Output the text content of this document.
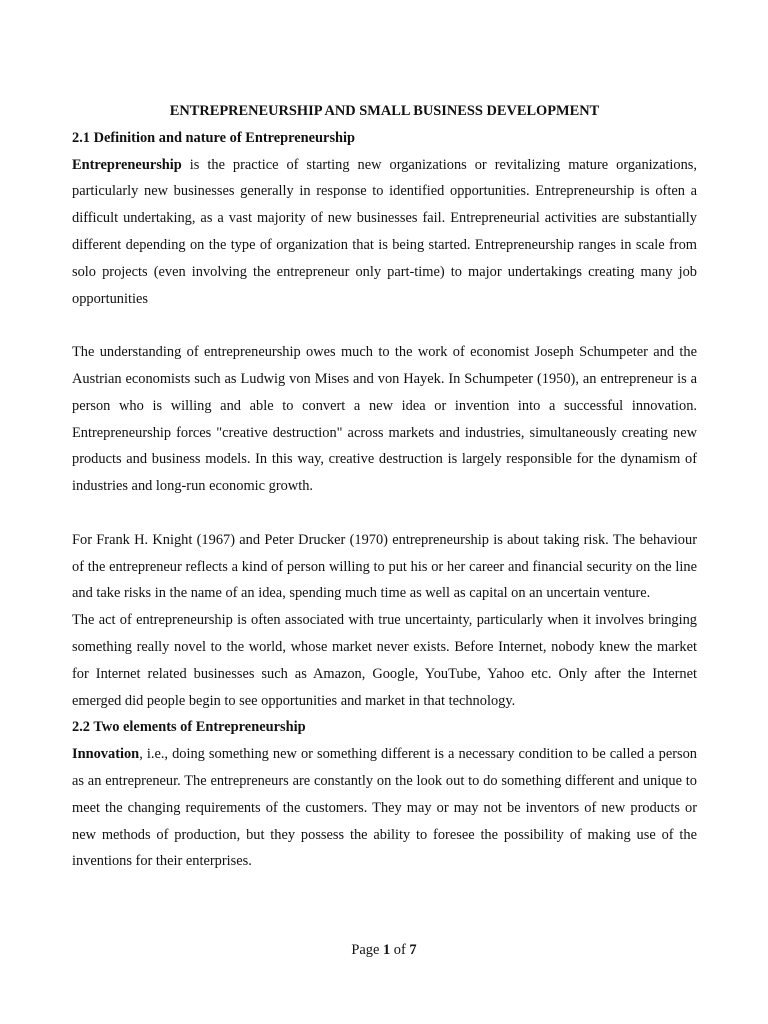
ENTREPRENEURSHIP AND SMALL BUSINESS DEVELOPMENT

2.1 Definition and nature of Entrepreneurship

Entrepreneurship is the practice of starting new organizations or revitalizing mature organizations, particularly new businesses generally in response to identified opportunities. Entrepreneurship is often a difficult undertaking, as a vast majority of new businesses fail. Entrepreneurial activities are substantially different depending on the type of organization that is being started. Entrepreneurship ranges in scale from solo projects (even involving the entrepreneur only part-time) to major undertakings creating many job opportunities

The understanding of entrepreneurship owes much to the work of economist Joseph Schumpeter and the Austrian economists such as Ludwig von Mises and von Hayek. In Schumpeter (1950), an entrepreneur is a person who is willing and able to convert a new idea or invention into a successful innovation. Entrepreneurship forces "creative destruction" across markets and industries, simultaneously creating new products and business models. In this way, creative destruction is largely responsible for the dynamism of industries and long-run economic growth.

For Frank H. Knight (1967) and Peter Drucker (1970) entrepreneurship is about taking risk. The behaviour of the entrepreneur reflects a kind of person willing to put his or her career and financial security on the line and take risks in the name of an idea, spending much time as well as capital on an uncertain venture.

The act of entrepreneurship is often associated with true uncertainty, particularly when it involves bringing something really novel to the world, whose market never exists. Before Internet, nobody knew the market for Internet related businesses such as Amazon, Google, YouTube, Yahoo etc. Only after the Internet emerged did people begin to see opportunities and market in that technology.

2.2 Two elements of Entrepreneurship

Innovation, i.e., doing something new or something different is a necessary condition to be called a person as an entrepreneur. The entrepreneurs are constantly on the look out to do something different and unique to meet the changing requirements of the customers. They may or may not be inventors of new products or new methods of production, but they possess the ability to foresee the possibility of making use of the inventions for their enterprises.

Page 1 of 7
